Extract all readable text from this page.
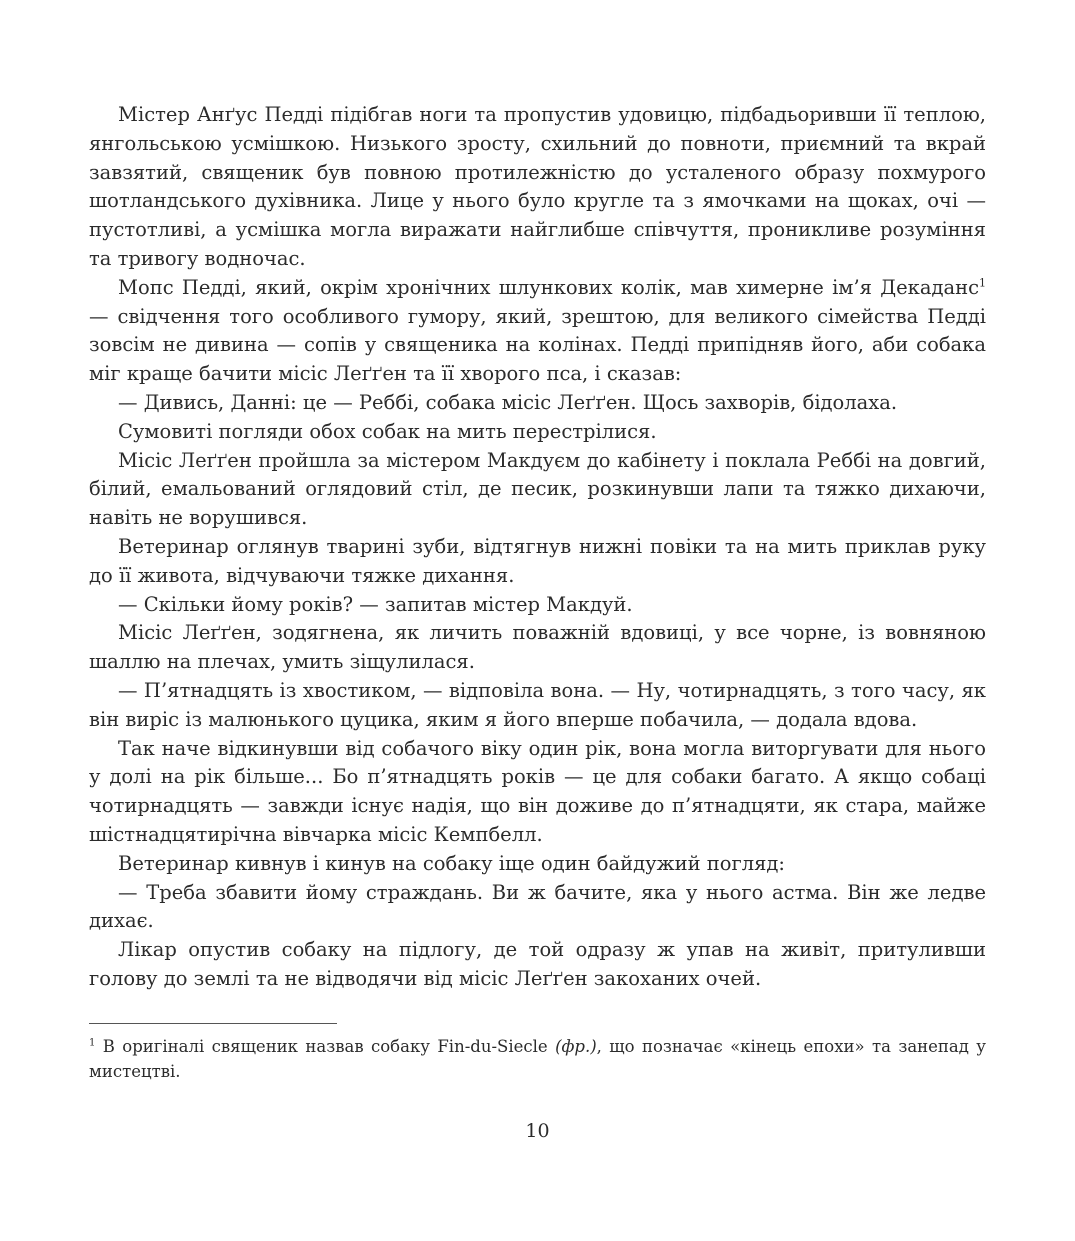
Містер Анґус Педді підібгав ноги та пропустив удовицю, підбадьоривши її теплою, янгольською усмішкою. Низького зросту, схильний до повноти, приємний та вкрай завзятий, священик був повною протилежністю до усталеного образу похмурого шотландського духівника. Лице у нього було кругле та з ямочками на щоках, очі — пустотливі, а усмішка могла виражати найглибше співчуття, проникливе розуміння та тривогу водночас.

Мопс Педді, який, окрім хронічних шлункових колік, мав химерне ім’я Декаданс$^1$ — свідчення того особливого гумору, який, зрештою, для великого сімейства Педді зовсім не дивина — сопів у священика на колінах. Педді припідняв його, аби собака міг краще бачити місіс Леґґен та її хворого пса, і сказав:

— Дивись, Данні: це — Реббі, собака місіс Леґґен. Щось захворів, бідолаха.

Сумовиті погляди обох собак на мить перестрілися.

Місіс Леґґен пройшла за містером Макдуєм до кабінету і поклала Реббі на довгий, білий, емальований оглядовий стіл, де песик, розкинувши лапи та тяжко дихаючи, навіть не ворушився.

Ветеринар оглянув тварині зуби, відтягнув нижні повіки та на мить приклав руку до її живота, відчуваючи тяжке дихання.

— Скільки йому років? — запитав містер Макдуй.

Місіс Леґґен, зодягнена, як личить поважній вдовиці, у все чорне, із вовняною шаллю на плечах, умить зіщулилася.

— П’ятнадцять із хвостиком, — відповіла вона. — Ну, чотирнадцять, з того часу, як він виріс із малюнького цуцика, яким я його вперше побачила, — додала вдова.

Так наче відкинувши від собачого віку один рік, вона могла виторгувати для нього у долі на рік більше... Бо п’ятнадцять років — це для собаки багато. А якщо собаці чотирнадцять — завжди існує надія, що він доживе до п’ятнадцяти, як стара, майже шістнадцятирічна вівчарка місіс Кемпбелл.

Ветеринар кивнув і кинув на собаку іще один байдужий погляд:

— Треба збавити йому страждань. Ви ж бачите, яка у нього астма. Він же ледве дихає.

Лікар опустив собаку на підлогу, де той одразу ж упав на живіт, притуливши голову до землі та не відводячи від місіс Леґґен закоханих очей.

$^1$ В оригіналі священик назвав собаку Fin-du-Siecle (фр.), що позначає «кінець епохи» та занепад у мистецтві.

10
